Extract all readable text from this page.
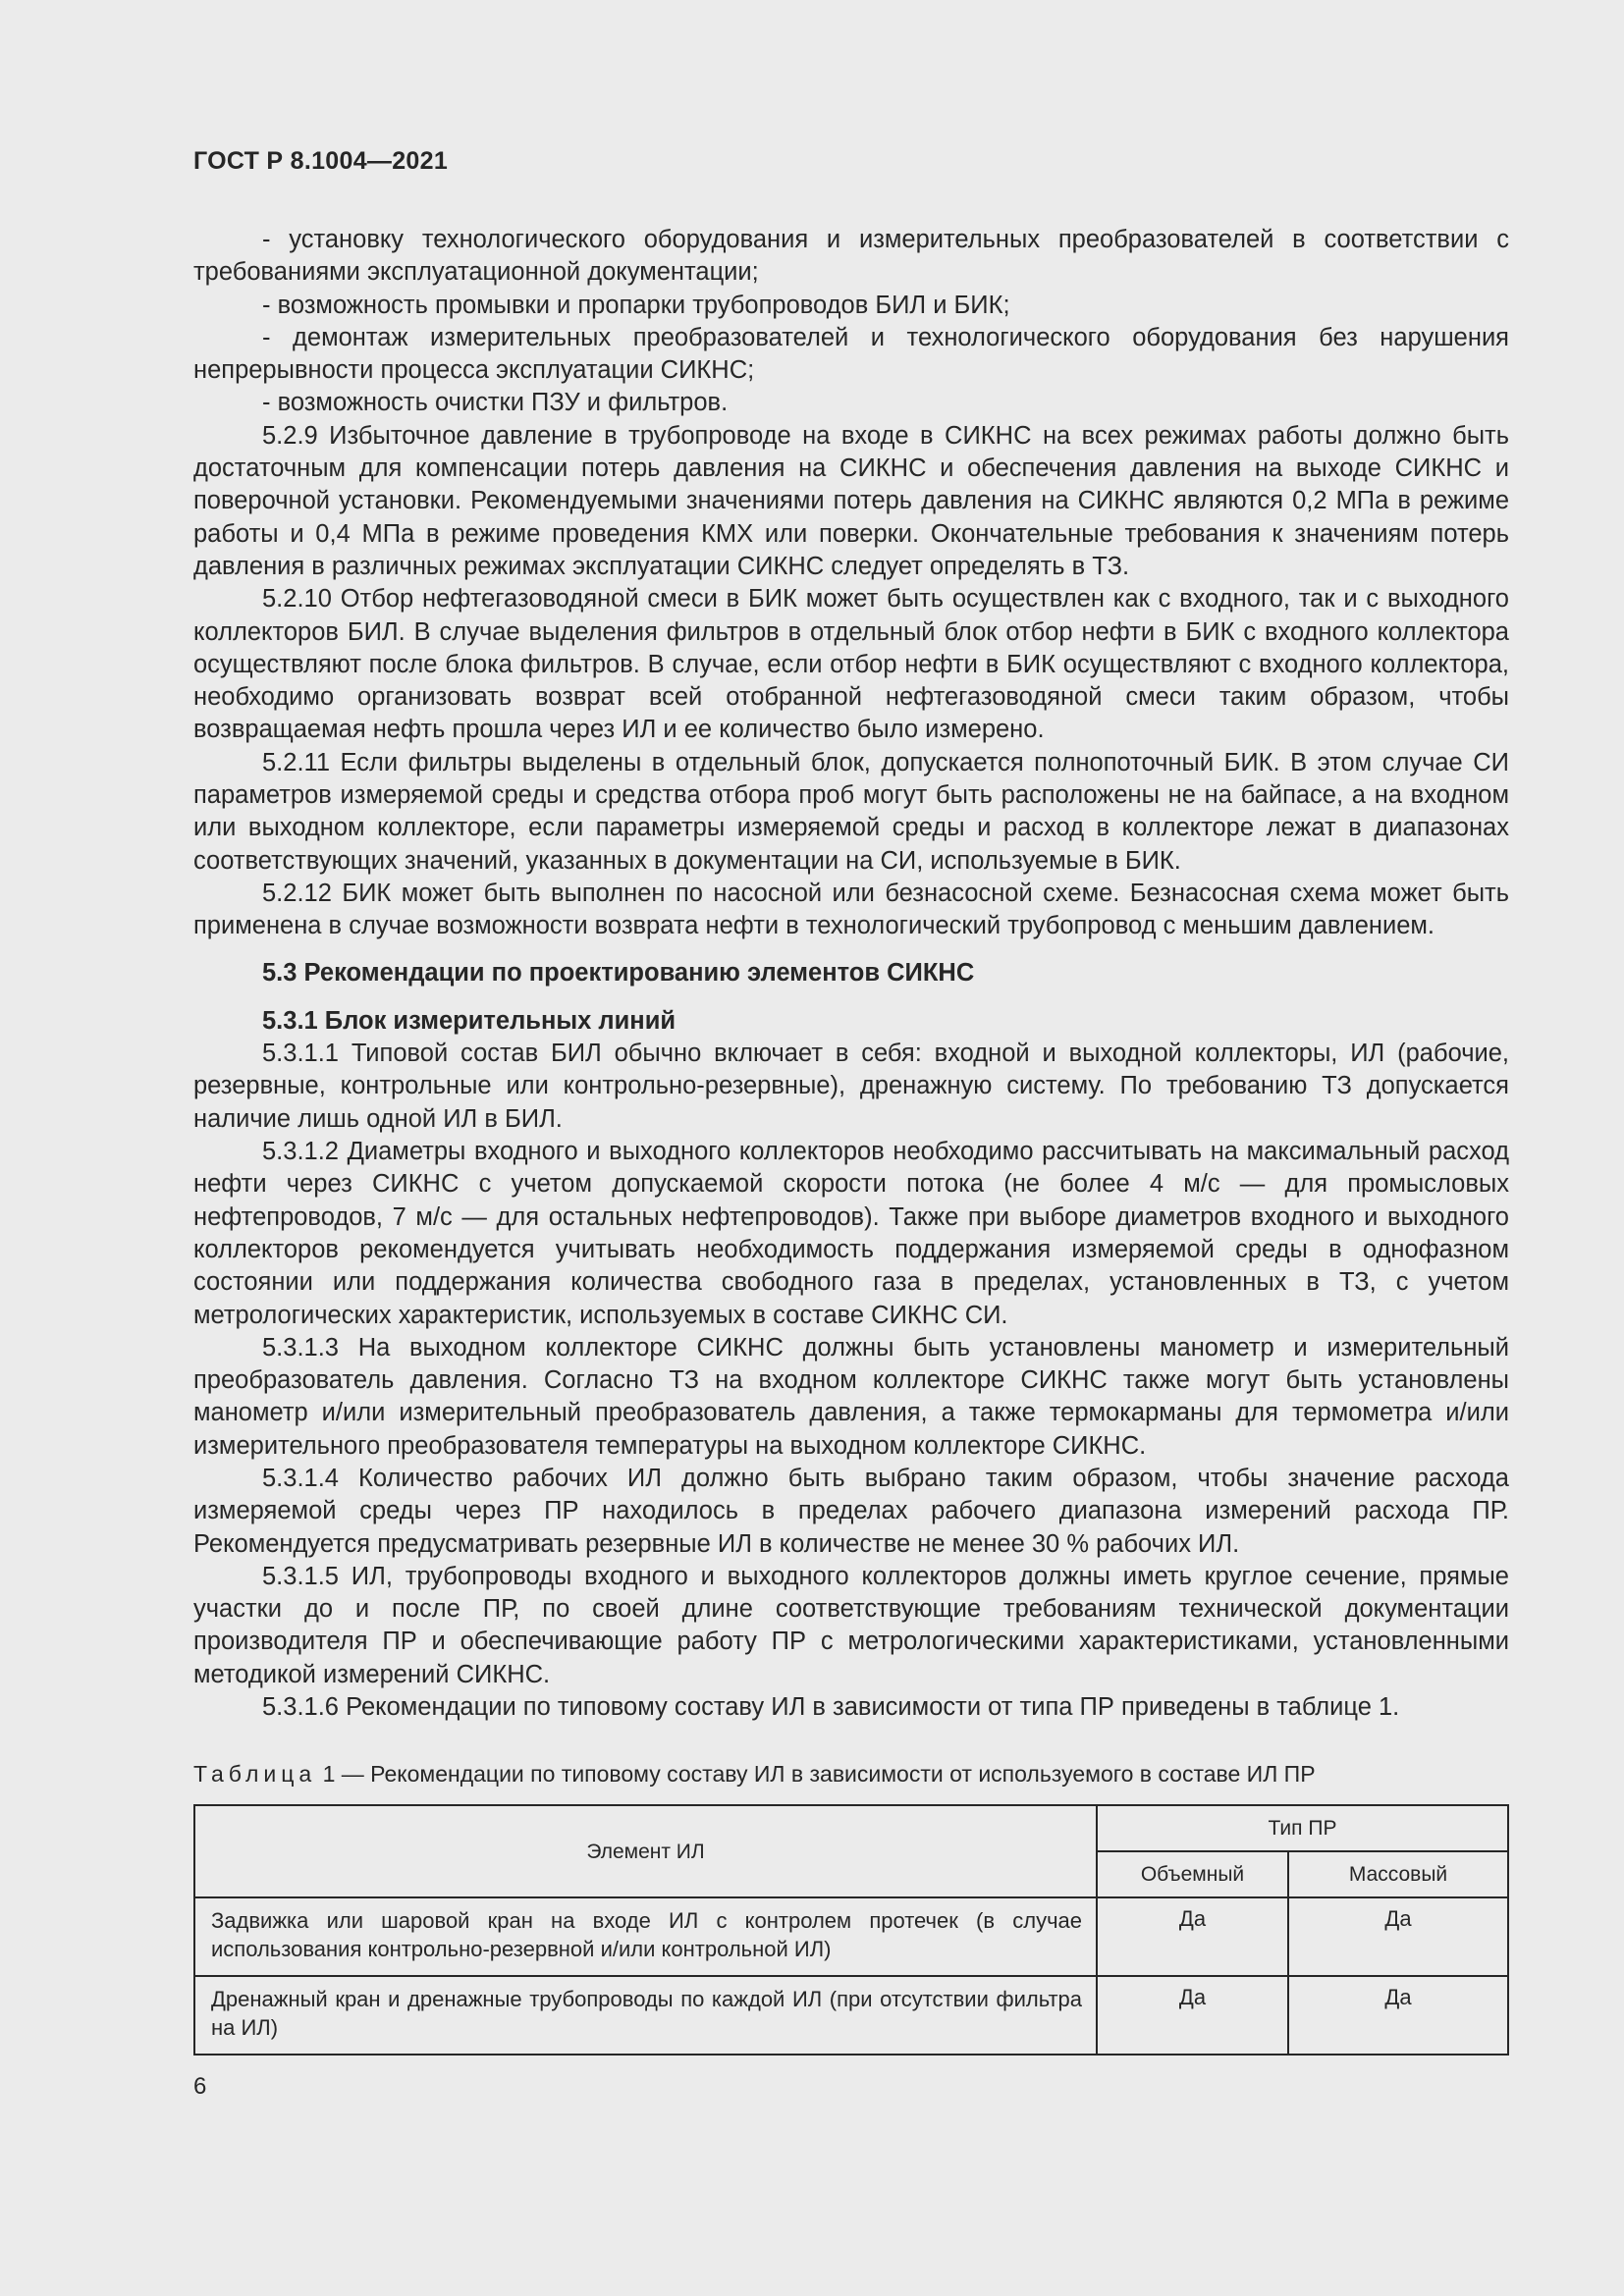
ГОСТ Р 8.1004—2021

- установку технологического оборудования и измерительных преобразователей в соответствии с требованиями эксплуатационной документации;

- возможность промывки и пропарки трубопроводов БИЛ и БИК;

- демонтаж измерительных преобразователей и технологического оборудования без нарушения непрерывности процесса эксплуатации СИКНС;

- возможность очистки ПЗУ и фильтров.

5.2.9 Избыточное давление в трубопроводе на входе в СИКНС на всех режимах работы должно быть достаточным для компенсации потерь давления на СИКНС и обеспечения давления на выходе СИКНС и поверочной установки. Рекомендуемыми значениями потерь давления на СИКНС являются 0,2 МПа в режиме работы и 0,4 МПа в режиме проведения КМХ или поверки. Окончательные требования к значениям потерь давления в различных режимах эксплуатации СИКНС следует определять в ТЗ.

5.2.10 Отбор нефтегазоводяной смеси в БИК может быть осуществлен как с входного, так и с выходного коллекторов БИЛ. В случае выделения фильтров в отдельный блок отбор нефти в БИК с входного коллектора осуществляют после блока фильтров. В случае, если отбор нефти в БИК осуществляют с входного коллектора, необходимо организовать возврат всей отобранной нефтегазоводяной смеси таким образом, чтобы возвращаемая нефть прошла через ИЛ и ее количество было измерено.

5.2.11 Если фильтры выделены в отдельный блок, допускается полнопоточный БИК. В этом случае СИ параметров измеряемой среды и средства отбора проб могут быть расположены не на байпасе, а на входном или выходном коллекторе, если параметры измеряемой среды и расход в коллекторе лежат в диапазонах соответствующих значений, указанных в документации на СИ, используемые в БИК.

5.2.12 БИК может быть выполнен по насосной или безнасосной схеме. Безнасосная схема может быть применена в случае возможности возврата нефти в технологический трубопровод с меньшим давлением.

5.3 Рекомендации по проектированию элементов СИКНС

5.3.1 Блок измерительных линий

5.3.1.1 Типовой состав БИЛ обычно включает в себя: входной и выходной коллекторы, ИЛ (рабочие, резервные, контрольные или контрольно-резервные), дренажную систему. По требованию ТЗ допускается наличие лишь одной ИЛ в БИЛ.

5.3.1.2 Диаметры входного и выходного коллекторов необходимо рассчитывать на максимальный расход нефти через СИКНС с учетом допускаемой скорости потока (не более 4 м/с — для промысловых нефтепроводов, 7 м/с — для остальных нефтепроводов). Также при выборе диаметров входного и выходного коллекторов рекомендуется учитывать необходимость поддержания измеряемой среды в однофазном состоянии или поддержания количества свободного газа в пределах, установленных в ТЗ, с учетом метрологических характеристик, используемых в составе СИКНС СИ.

5.3.1.3 На выходном коллекторе СИКНС должны быть установлены манометр и измерительный преобразователь давления. Согласно ТЗ на входном коллекторе СИКНС также могут быть установлены манометр и/или измерительный преобразователь давления, а также термокарманы для термометра и/или измерительного преобразователя температуры на выходном коллекторе СИКНС.

5.3.1.4 Количество рабочих ИЛ должно быть выбрано таким образом, чтобы значение расхода измеряемой среды через ПР находилось в пределах рабочего диапазона измерений расхода ПР. Рекомендуется предусматривать резервные ИЛ в количестве не менее 30 % рабочих ИЛ.

5.3.1.5 ИЛ, трубопроводы входного и выходного коллекторов должны иметь круглое сечение, прямые участки до и после ПР, по своей длине соответствующие требованиям технической документации производителя ПР и обеспечивающие работу ПР с метрологическими характеристиками, установленными методикой измерений СИКНС.

5.3.1.6 Рекомендации по типовому составу ИЛ в зависимости от типа ПР приведены в таблице 1.

Таблица 1 — Рекомендации по типовому составу ИЛ в зависимости от используемого в составе ИЛ ПР
Элемент ИЛ	Тип ПР	
	Объемный	Массовый
Задвижка или шаровой кран на входе ИЛ с контролем протечек (в случае использования контрольно-резервной и/или контрольной ИЛ)	Да	Да
Дренажный кран и дренажные трубопроводы по каждой ИЛ (при отсутствии фильтра на ИЛ)	Да	Да
6
